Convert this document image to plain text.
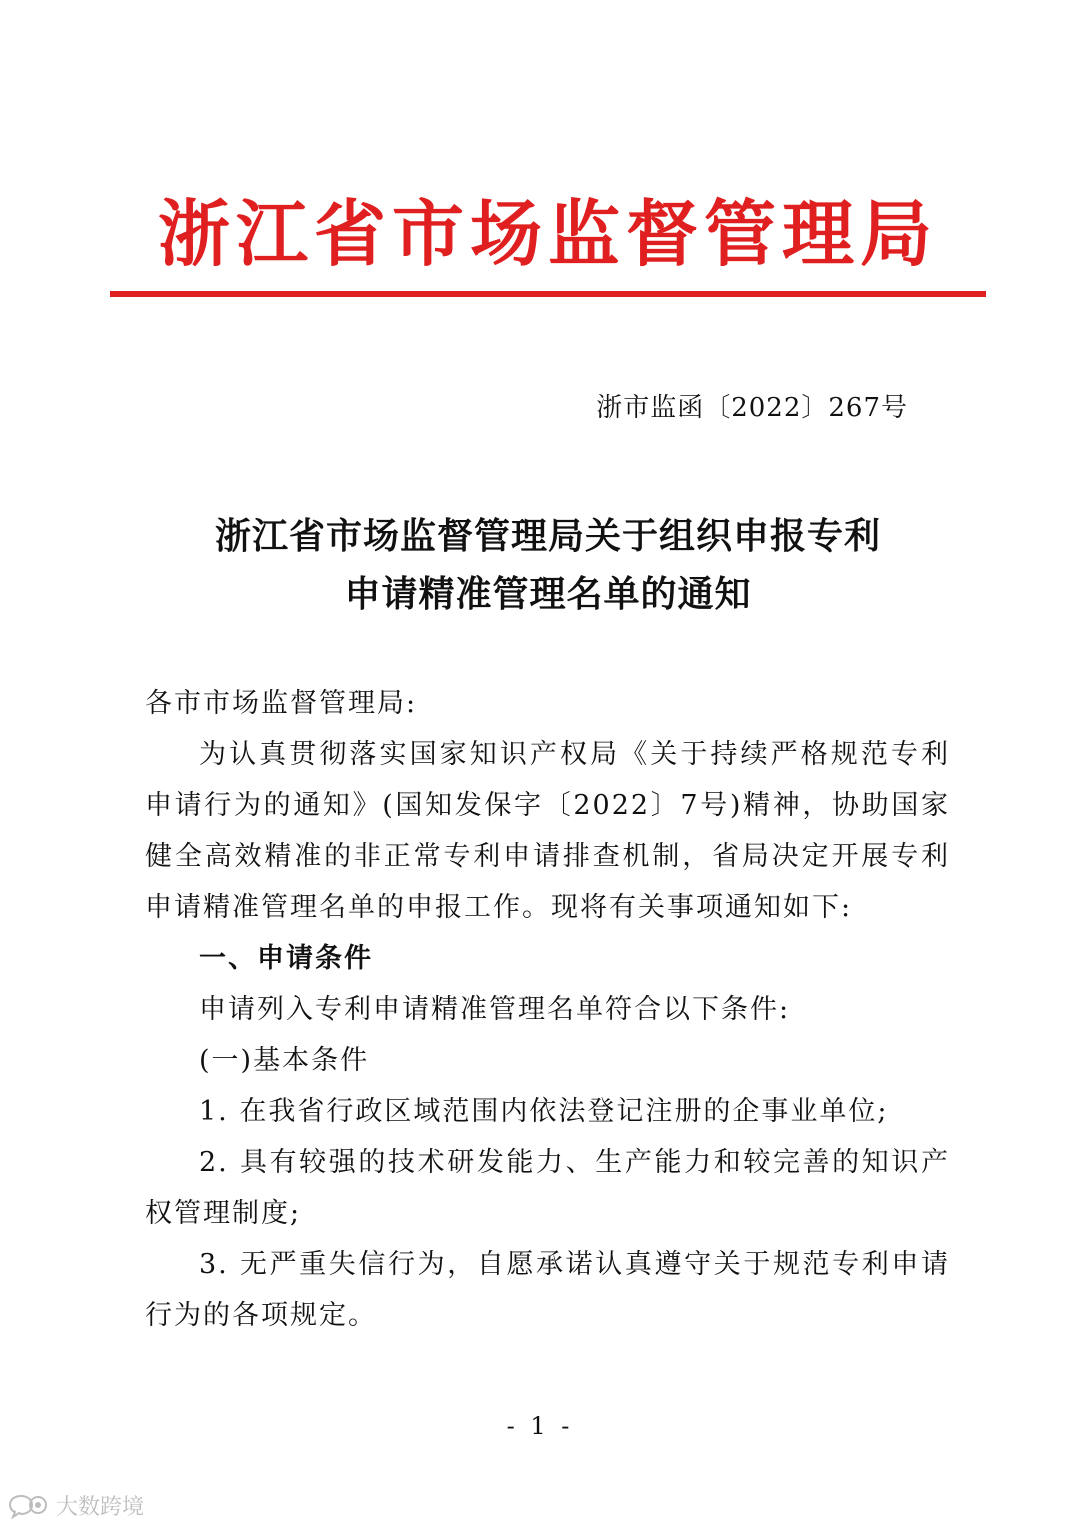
浙江省市场监督管理局
浙市监函〔2022〕267号
浙江省市场监督管理局关于组织申报专利
申请精准管理名单的通知

各市市场监督管理局:

为认真贯彻落实国家知识产权局《关于持续严格规范专利申请行为的通知》(国知发保字〔2022〕7号)精神，协助国家健全高效精准的非正常专利申请排查机制，省局决定开展专利申请精准管理名单的申报工作。现将有关事项通知如下:

一、申请条件

申请列入专利申请精准管理名单符合以下条件:

(一)基本条件

1. 在我省行政区域范围内依法登记注册的企事业单位;

2. 具有较强的技术研发能力、生产能力和较完善的知识产权管理制度;

3. 无严重失信行为，自愿承诺认真遵守关于规范专利申请行为的各项规定。

- 1 -
大数跨境
